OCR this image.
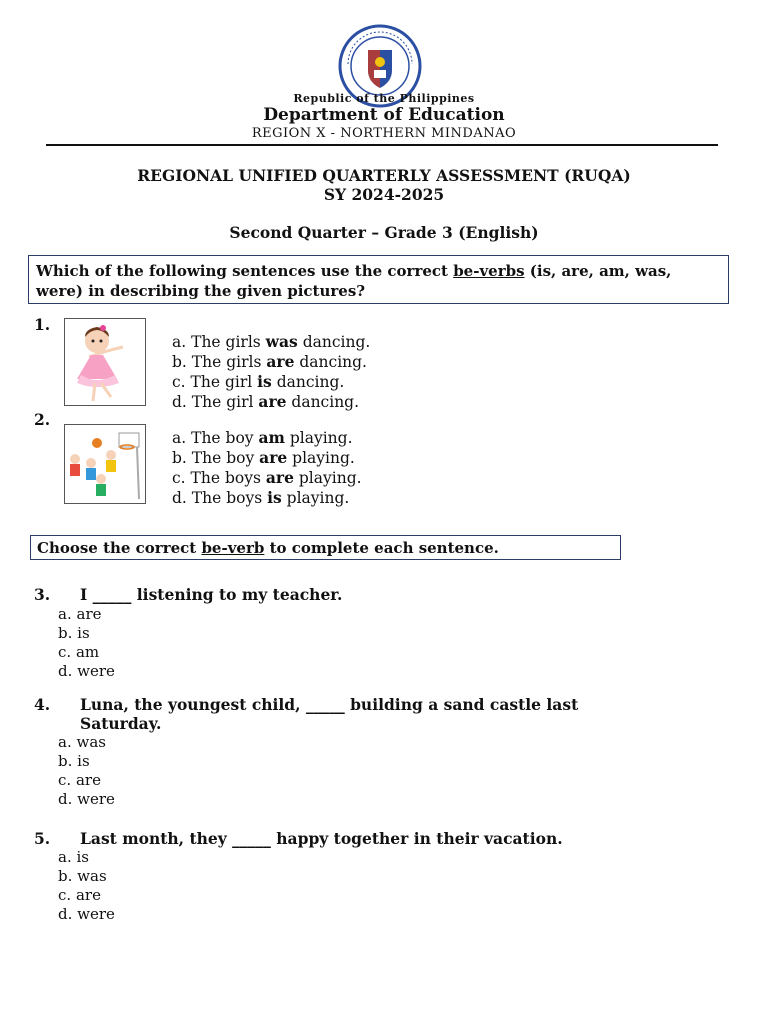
Republic of the Philippines
Department of Education
REGION X - NORTHERN MINDANAO
REGIONAL UNIFIED QUARTERLY ASSESSMENT (RUQA)
SY 2024-2025
Second Quarter – Grade 3 (English)
Which of the following sentences use the correct be-verbs (is, are, am, was, were) in describing the given pictures?
1.
a. The girls was dancing.
b. The girls are dancing.
c. The girl is dancing.
d. The girl are dancing.
2.
a. The boy am playing.
b. The boy are playing.
c. The boys are playing.
d. The boys is playing.
Choose the correct be-verb to complete each sentence.
3. I _____ listening to my teacher.
a. are
b. is
c. am
d. were
4. Luna, the youngest child, _____ building a sand castle last
Saturday.
a. was
b. is
c. are
d. were
5. Last month, they _____ happy together in their vacation.
a. is
b. was
c. are
d. were
